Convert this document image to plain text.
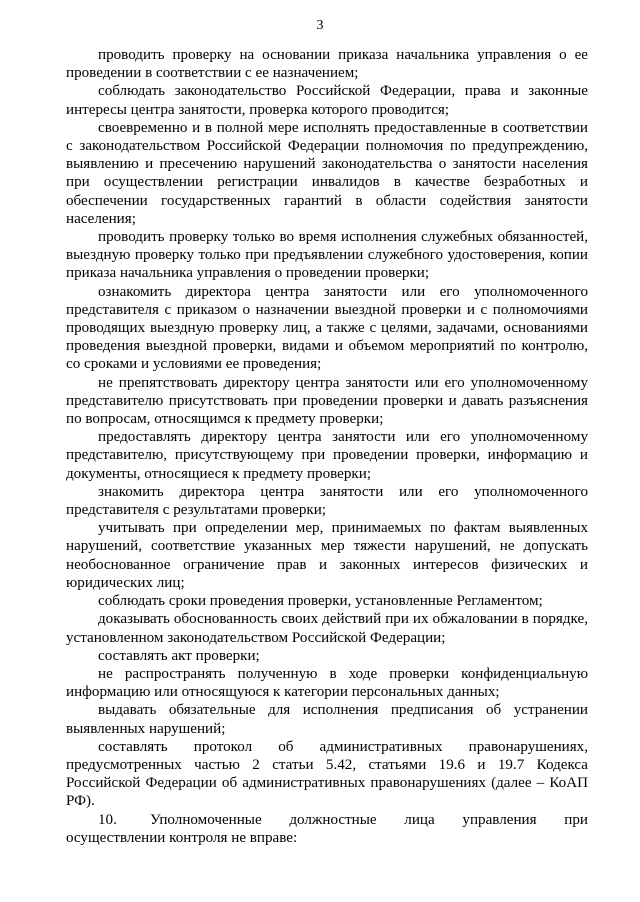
3

проводить проверку на основании приказа начальника управления о ее проведении в соответствии с ее назначением;

соблюдать законодательство Российской Федерации, права и законные интересы центра занятости, проверка которого проводится;

своевременно и в полной мере исполнять предоставленные в соответствии с законодательством Российской Федерации полномочия по предупреждению, выявлению и пресечению нарушений законодательства о занятости населения при осуществлении регистрации инвалидов в качестве безработных и обеспечении государственных гарантий в области содействия занятости населения;

проводить проверку только во время исполнения служебных обязанностей, выездную проверку только при предъявлении служебного удостоверения, копии приказа начальника управления о проведении проверки;

ознакомить директора центра занятости или его уполномоченного представителя с приказом о назначении выездной проверки и с полномочиями проводящих выездную проверку лиц, а также с целями, задачами, основаниями проведения выездной проверки, видами и объемом мероприятий по контролю, со сроками и условиями ее проведения;

не препятствовать директору центра занятости или его уполномоченному представителю присутствовать при проведении проверки и давать разъяснения по вопросам, относящимся к предмету проверки;

предоставлять директору центра занятости или его уполномоченному представителю, присутствующему при проведении проверки, информацию и документы, относящиеся к предмету проверки;

знакомить директора центра занятости или его уполномоченного представителя с результатами проверки;

учитывать при определении мер, принимаемых по фактам выявленных нарушений, соответствие указанных мер тяжести нарушений, не допускать необоснованное ограничение прав и законных интересов физических и юридических лиц;

соблюдать сроки проведения проверки, установленные Регламентом;

доказывать обоснованность своих действий при их обжаловании в порядке, установленном законодательством Российской Федерации;

составлять акт проверки;

не распространять полученную в ходе проверки конфиденциальную информацию или относящуюся к категории персональных данных;

выдавать обязательные для исполнения предписания об устранении выявленных нарушений;

составлять протокол об административных правонарушениях, предусмотренных частью 2 статьи 5.42, статьями 19.6 и 19.7 Кодекса Российской Федерации об административных правонарушениях (далее – КоАП РФ).

10. Уполномоченные должностные лица управления при осуществлении контроля не вправе:
